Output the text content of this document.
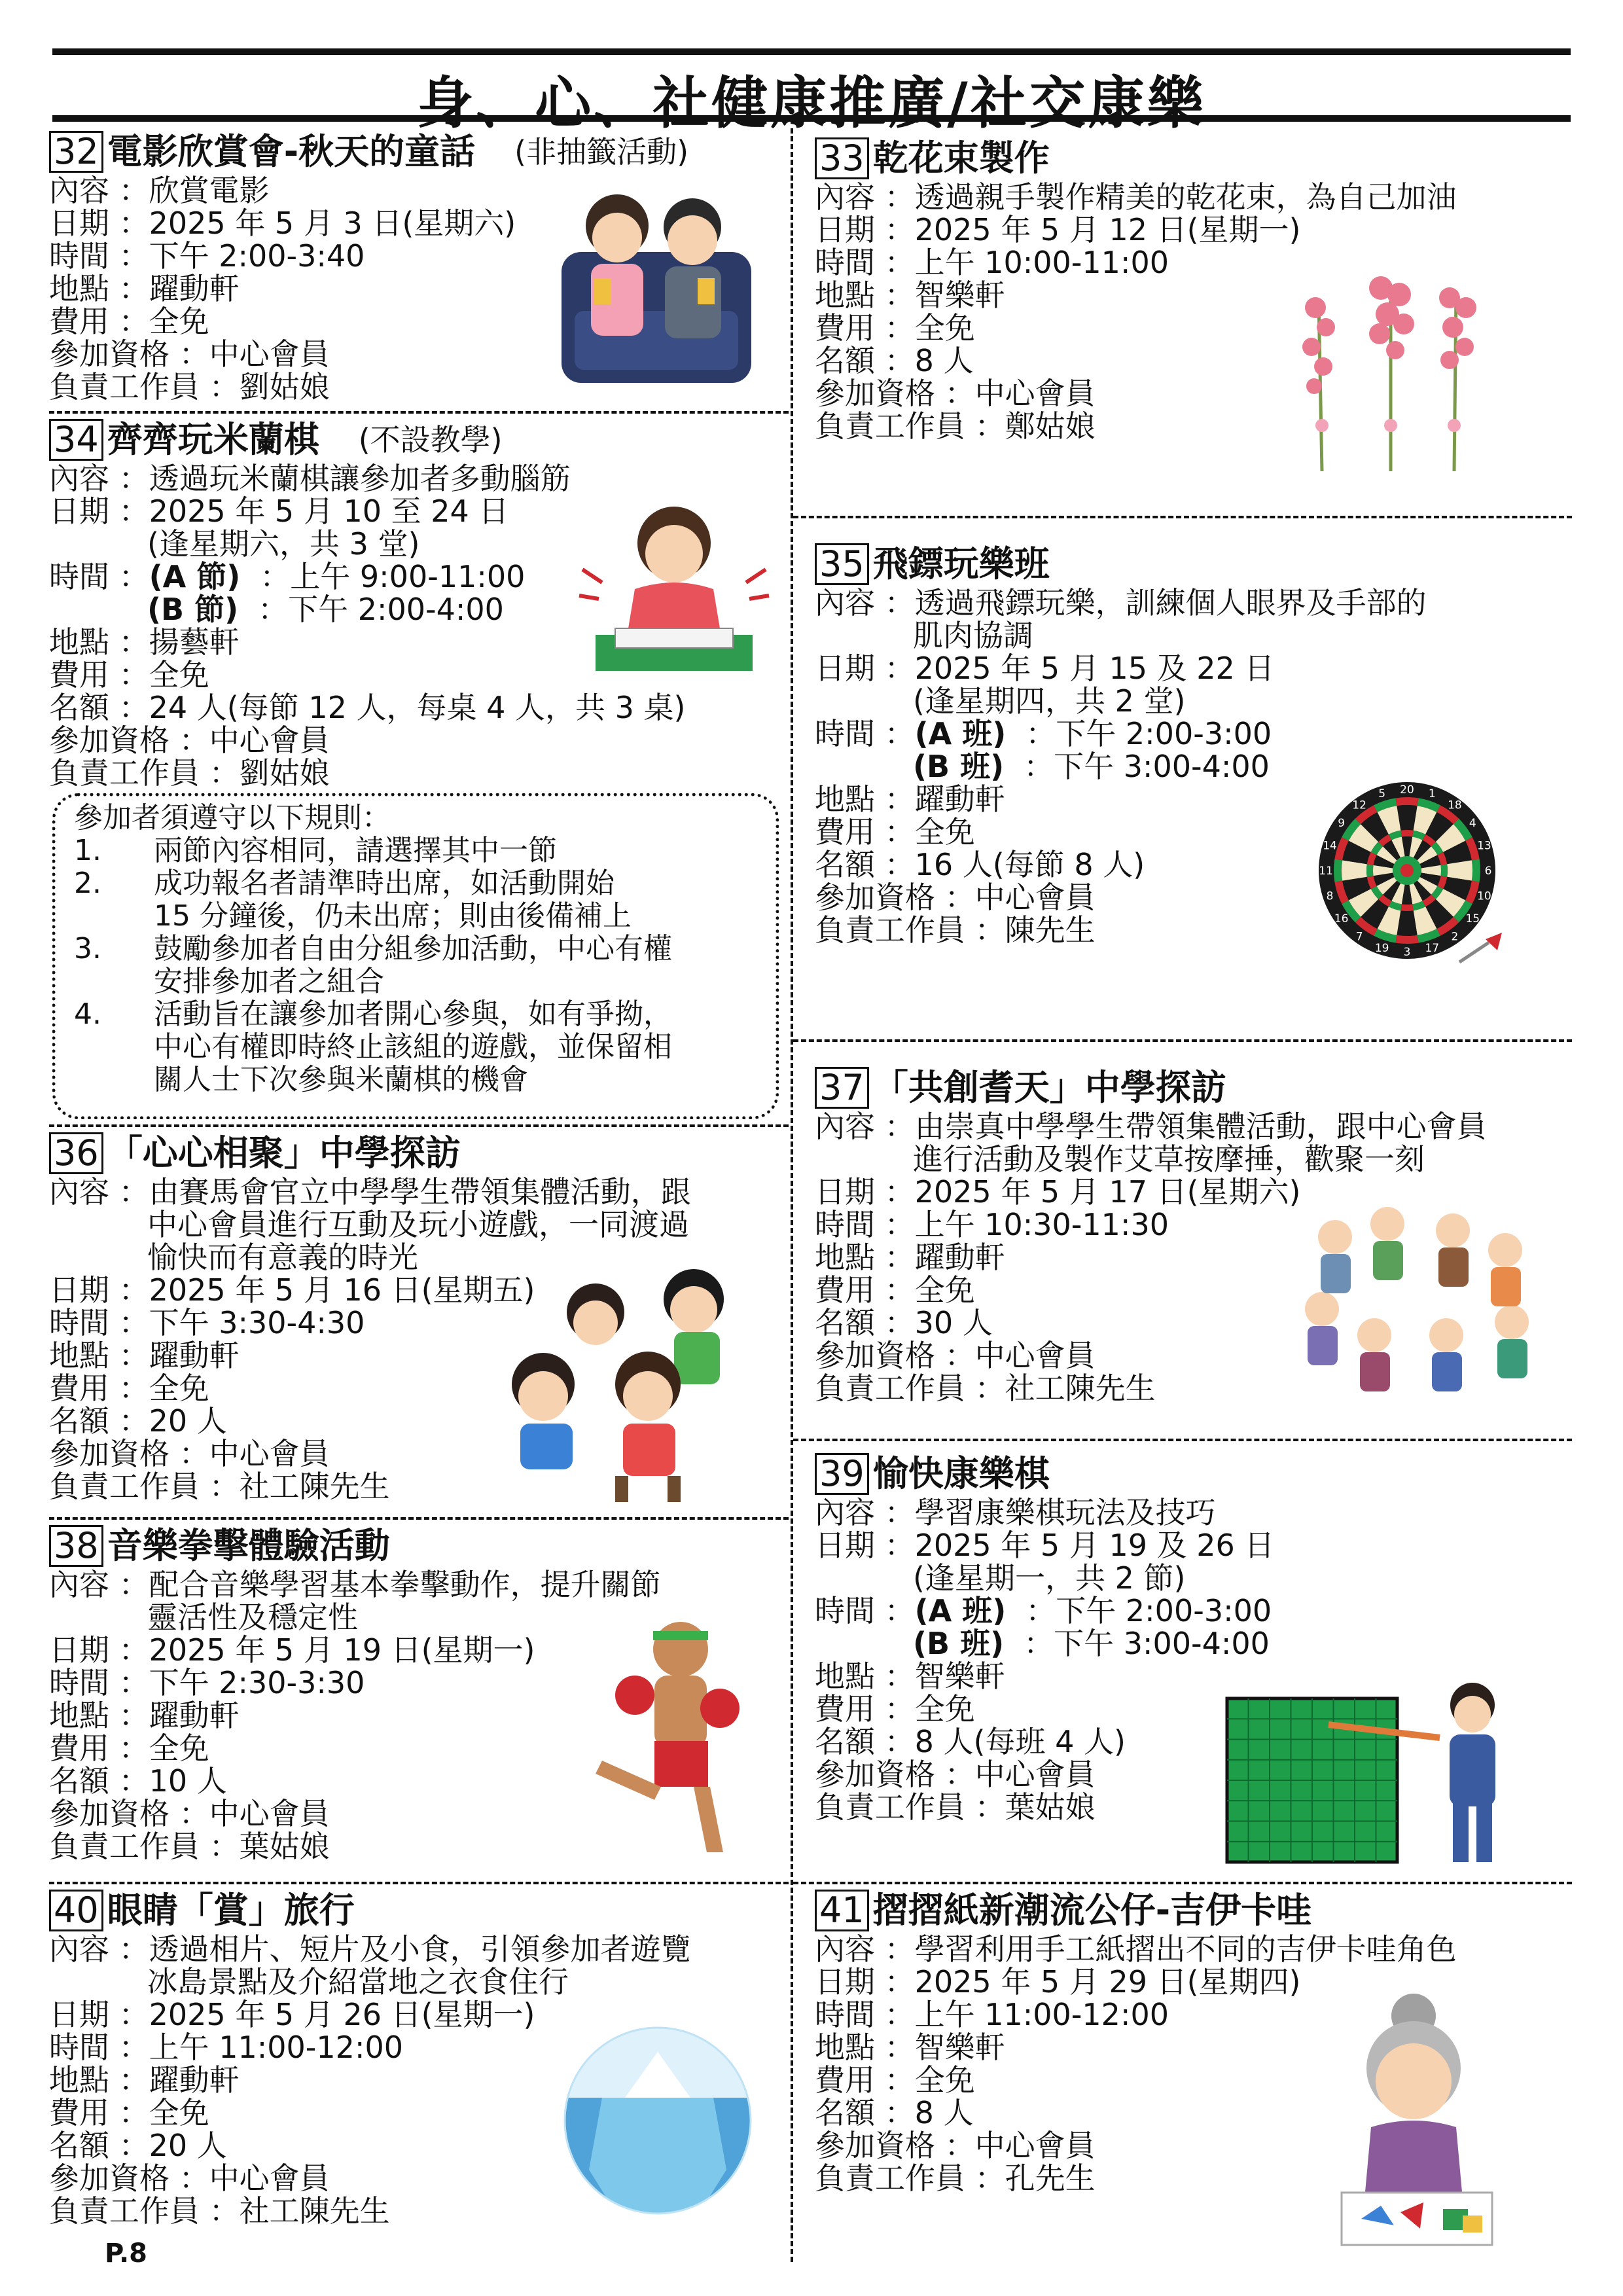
身、心、社健康推廣/社交康樂
32 電影欣賞會-秋天的童話 (非抽籤活動)
內容 ： 欣賞電影
日期 ： 2025 年 5 月 3 日(星期六)
時間 ： 下午 2:00-3:40
地點 ： 躍動軒
費用 ： 全免
參加資格 ： 中心會員
負責工作員 ： 劉姑娘
33 乾花束製作
內容 ： 透過親手製作精美的乾花束，為自己加油
日期 ： 2025 年 5 月 12 日(星期一)
時間 ： 上午 10:00-11:00
地點 ： 智樂軒
費用 ： 全免
名額 ： 8 人
參加資格 ： 中心會員
負責工作員 ： 鄭姑娘
34 齊齊玩米蘭棋 (不設教學)
內容 ： 透過玩米蘭棋讓參加者多動腦筋
日期 ： 2025 年 5 月 10 至 24 日
(逢星期六，共 3 堂)
時間 ： (A 節) ：上午 9:00-11:00
(B 節) ：下午 2:00-4:00
地點 ： 揚藝軒
費用 ： 全免
名額 ： 24 人(每節 12 人，每桌 4 人，共 3 桌)
參加資格 ： 中心會員
負責工作員 ： 劉姑娘
參加者須遵守以下規則：
1.	兩節內容相同，請選擇其中一節
2.	成功報名者請準時出席，如活動開始
15 分鐘後，仍未出席；則由後備補上
3.	鼓勵參加者自由分組參加活動，中心有權
安排參加者之組合
4.	活動旨在讓參加者開心參與，如有爭拗，
中心有權即時終止該組的遊戲，並保留相
關人士下次參與米蘭棋的機會
35 飛鏢玩樂班
內容 ： 透過飛鏢玩樂，訓練個人眼界及手部的
肌肉協調
日期 ： 2025 年 5 月 15 及 22 日
(逢星期四，共 2 堂)
時間 ： (A 班) ：下午 2:00-3:00
(B 班) ：下午 3:00-4:00
地點 ： 躍動軒
費用 ： 全免
名額 ： 16 人(每節 8 人)
參加資格 ： 中心會員
負責工作員 ： 陳先生
20 1
18
4
13
6
10
15
2
17
3
19
7
16
8
11
14
9
12
5
36 「心心相聚」中學探訪
內容 ： 由賽馬會官立中學學生帶領集體活動，跟
中心會員進行互動及玩小遊戲，一同渡過
愉快而有意義的時光
日期 ： 2025 年 5 月 16 日(星期五)
時間 ： 下午 3:30-4:30
地點 ： 躍動軒
費用 ： 全免
名額 ： 20 人
參加資格 ： 中心會員
負責工作員 ： 社工陳先生
37 「共創耆天」中學探訪
內容 ： 由崇真中學學生帶領集體活動，跟中心會員
進行活動及製作艾草按摩捶，歡聚一刻
日期 ： 2025 年 5 月 17 日(星期六)
時間 ： 上午 10:30-11:30
地點 ： 躍動軒
費用 ： 全免
名額 ： 30 人
參加資格 ： 中心會員
負責工作員 ： 社工陳先生
38 音樂拳擊體驗活動
內容 ： 配合音樂學習基本拳擊動作，提升關節
靈活性及穩定性
日期 ： 2025 年 5 月 19 日(星期一)
時間 ： 下午 2:30-3:30
地點 ： 躍動軒
費用 ： 全免
名額 ： 10 人
參加資格 ： 中心會員
負責工作員 ： 葉姑娘
39 愉快康樂棋
內容 ： 學習康樂棋玩法及技巧
日期 ： 2025 年 5 月 19 及 26 日
(逢星期一，共 2 節)
時間 ： (A 班) ：下午 2:00-3:00
(B 班) ：下午 3:00-4:00
地點 ： 智樂軒
費用 ： 全免
名額 ： 8 人(每班 4 人)
參加資格 ： 中心會員
負責工作員 ： 葉姑娘
40 眼睛「賞」旅行
內容 ： 透過相片、短片及小食，引領參加者遊覽
冰島景點及介紹當地之衣食住行
日期 ： 2025 年 5 月 26 日(星期一)
時間 ： 上午 11:00-12:00
地點 ： 躍動軒
費用 ： 全免
名額 ： 20 人
參加資格 ： 中心會員
負責工作員 ： 社工陳先生
41 摺摺紙新潮流公仔-吉伊卡哇
內容 ： 學習利用手工紙摺出不同的吉伊卡哇角色
日期 ： 2025 年 5 月 29 日(星期四)
時間 ： 上午 11:00-12:00
地點 ： 智樂軒
費用 ： 全免
名額 ： 8 人
參加資格 ： 中心會員
負責工作員 ： 孔先生
P.8
